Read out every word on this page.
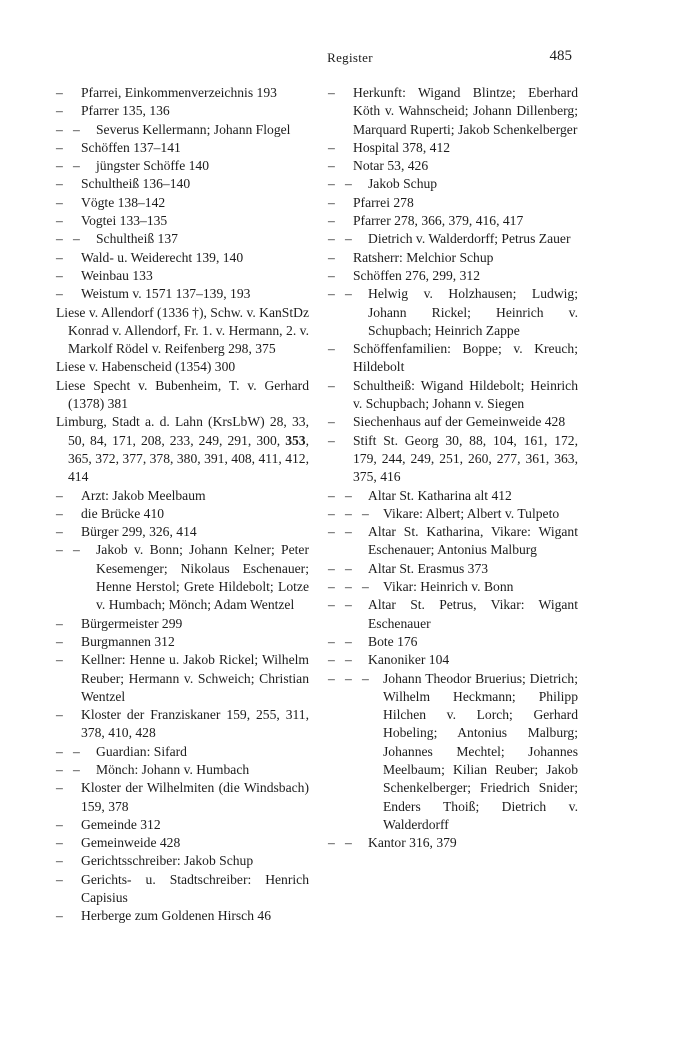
Register	485
–
Pfarrei, Einkommenverzeichnis 193
–
Pfarrer 135, 136
–   –
Severus Kellermann; Johann Flogel
–
Schöffen 137–141
–   –
jüngster Schöffe 140
–
Schultheiß 136–140
–
Vögte 138–142
–
Vogtei 133–135
–   –
Schultheiß 137
–
Wald- u. Weiderecht 139, 140
–
Weinbau 133
–
Weistum v. 1571 137–139, 193
Liese v. Allendorf (1336 †), Schw. v. KanStDz Konrad v. Allendorf, Fr. 1. v. Hermann, 2. v. Markolf Rödel v. Reifenberg 298, 375
Liese v. Habenscheid (1354) 300
Liese Specht v. Bubenheim, T. v. Gerhard (1378) 381
Limburg, Stadt a. d. Lahn (KrsLbW) 28, 33, 50, 84, 171, 208, 233, 249, 291, 300, 353, 365, 372, 377, 378, 380, 391, 408, 411, 412, 414
–
Arzt: Jakob Meelbaum
–
die Brücke 410
–
Bürger 299, 326, 414
–   –
Jakob v. Bonn; Johann Kelner; Peter Kesemenger; Nikolaus Eschenauer; Henne Herstol; Grete Hildebolt; Lotze v. Humbach; Mönch; Adam Wentzel
–
Bürgermeister 299
–
Burgmannen 312
–
Kellner: Henne u. Jakob Rickel; Wilhelm Reuber; Hermann v. Schweich; Christian Wentzel
–
Kloster der Franziskaner 159, 255, 311, 378, 410, 428
–   –
Guardian: Sifard
–   –
Mönch: Johann v. Humbach
–
Kloster der Wilhelmiten (die Windsbach) 159, 378
–
Gemeinde 312
–
Gemeinweide 428
–
Gerichtsschreiber: Jakob Schup
–
Gerichts- u. Stadtschreiber: Henrich Capisius
–
Herberge zum Goldenen Hirsch 46
–
Herkunft: Wigand Blintze; Eberhard Köth v. Wahnscheid; Johann Dillenberg; Marquard Ruperti; Jakob Schenkelberger
–
Hospital 378, 412
–
Notar 53, 426
–   –
Jakob Schup
–
Pfarrei 278
–
Pfarrer 278, 366, 379, 416, 417
–   –
Dietrich v. Walderdorff; Petrus Zauer
–
Ratsherr: Melchior Schup
–
Schöffen 276, 299, 312
–   –
Helwig v. Holzhausen; Ludwig; Johann Rickel; Heinrich v. Schupbach; Heinrich Zappe
–
Schöffenfamilien: Boppe; v. Kreuch; Hildebolt
–
Schultheiß: Wigand Hildebolt; Heinrich v. Schupbach; Johann v. Siegen
–
Siechenhaus auf der Gemeinweide 428
–
Stift St. Georg 30, 88, 104, 161, 172, 179, 244, 249, 251, 260, 277, 361, 363, 375, 416
–   –
Altar St. Katharina alt 412
–   –
Vikare: Albert; Albert v. Tulpeto
–   –
Altar St. Katharina, Vikare: Wigant Eschenauer; Antonius Malburg
–   –
Altar St. Erasmus 373
–   –
Vikar: Heinrich v. Bonn
–   –
Altar St. Petrus, Vikar: Wigant Eschenauer
–   –
Bote 176
–   –
Kanoniker 104
–   –
Johann Theodor Bruerius; Dietrich; Wilhelm Heckmann; Philipp Hilchen v. Lorch; Gerhard Hobeling; Antonius Malburg; Johannes Mechtel; Johannes Meelbaum; Kilian Reuber; Jakob Schenkelberger; Friedrich Snider; Enders Thoiß; Dietrich v. Walderdorff
–   –
Kantor 316, 379
